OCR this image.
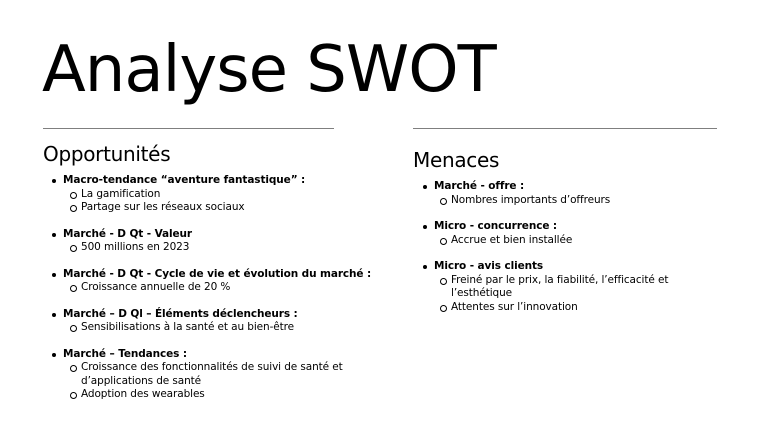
Analyse SWOT
Opportunités
Macro-tendance “aventure fantastique” :
La gamification
Partage sur les réseaux sociaux
Marché - D Qt - Valeur
500 millions en 2023
Marché - D Qt - Cycle de vie et évolution du marché :
Croissance annuelle de 20 %
Marché – D Ql – Éléments déclencheurs :
Sensibilisations à la santé et au bien-être
Marché – Tendances :
Croissance des fonctionnalités de suivi de santé et d’applications de santé
Adoption des wearables
Menaces
Marché - offre :
Nombres importants d’offreurs
Micro - concurrence :
Accrue et bien installée
Micro - avis clients
Freiné par le prix, la fiabilité, l’efficacité et l’esthétique
Attentes sur l’innovation
